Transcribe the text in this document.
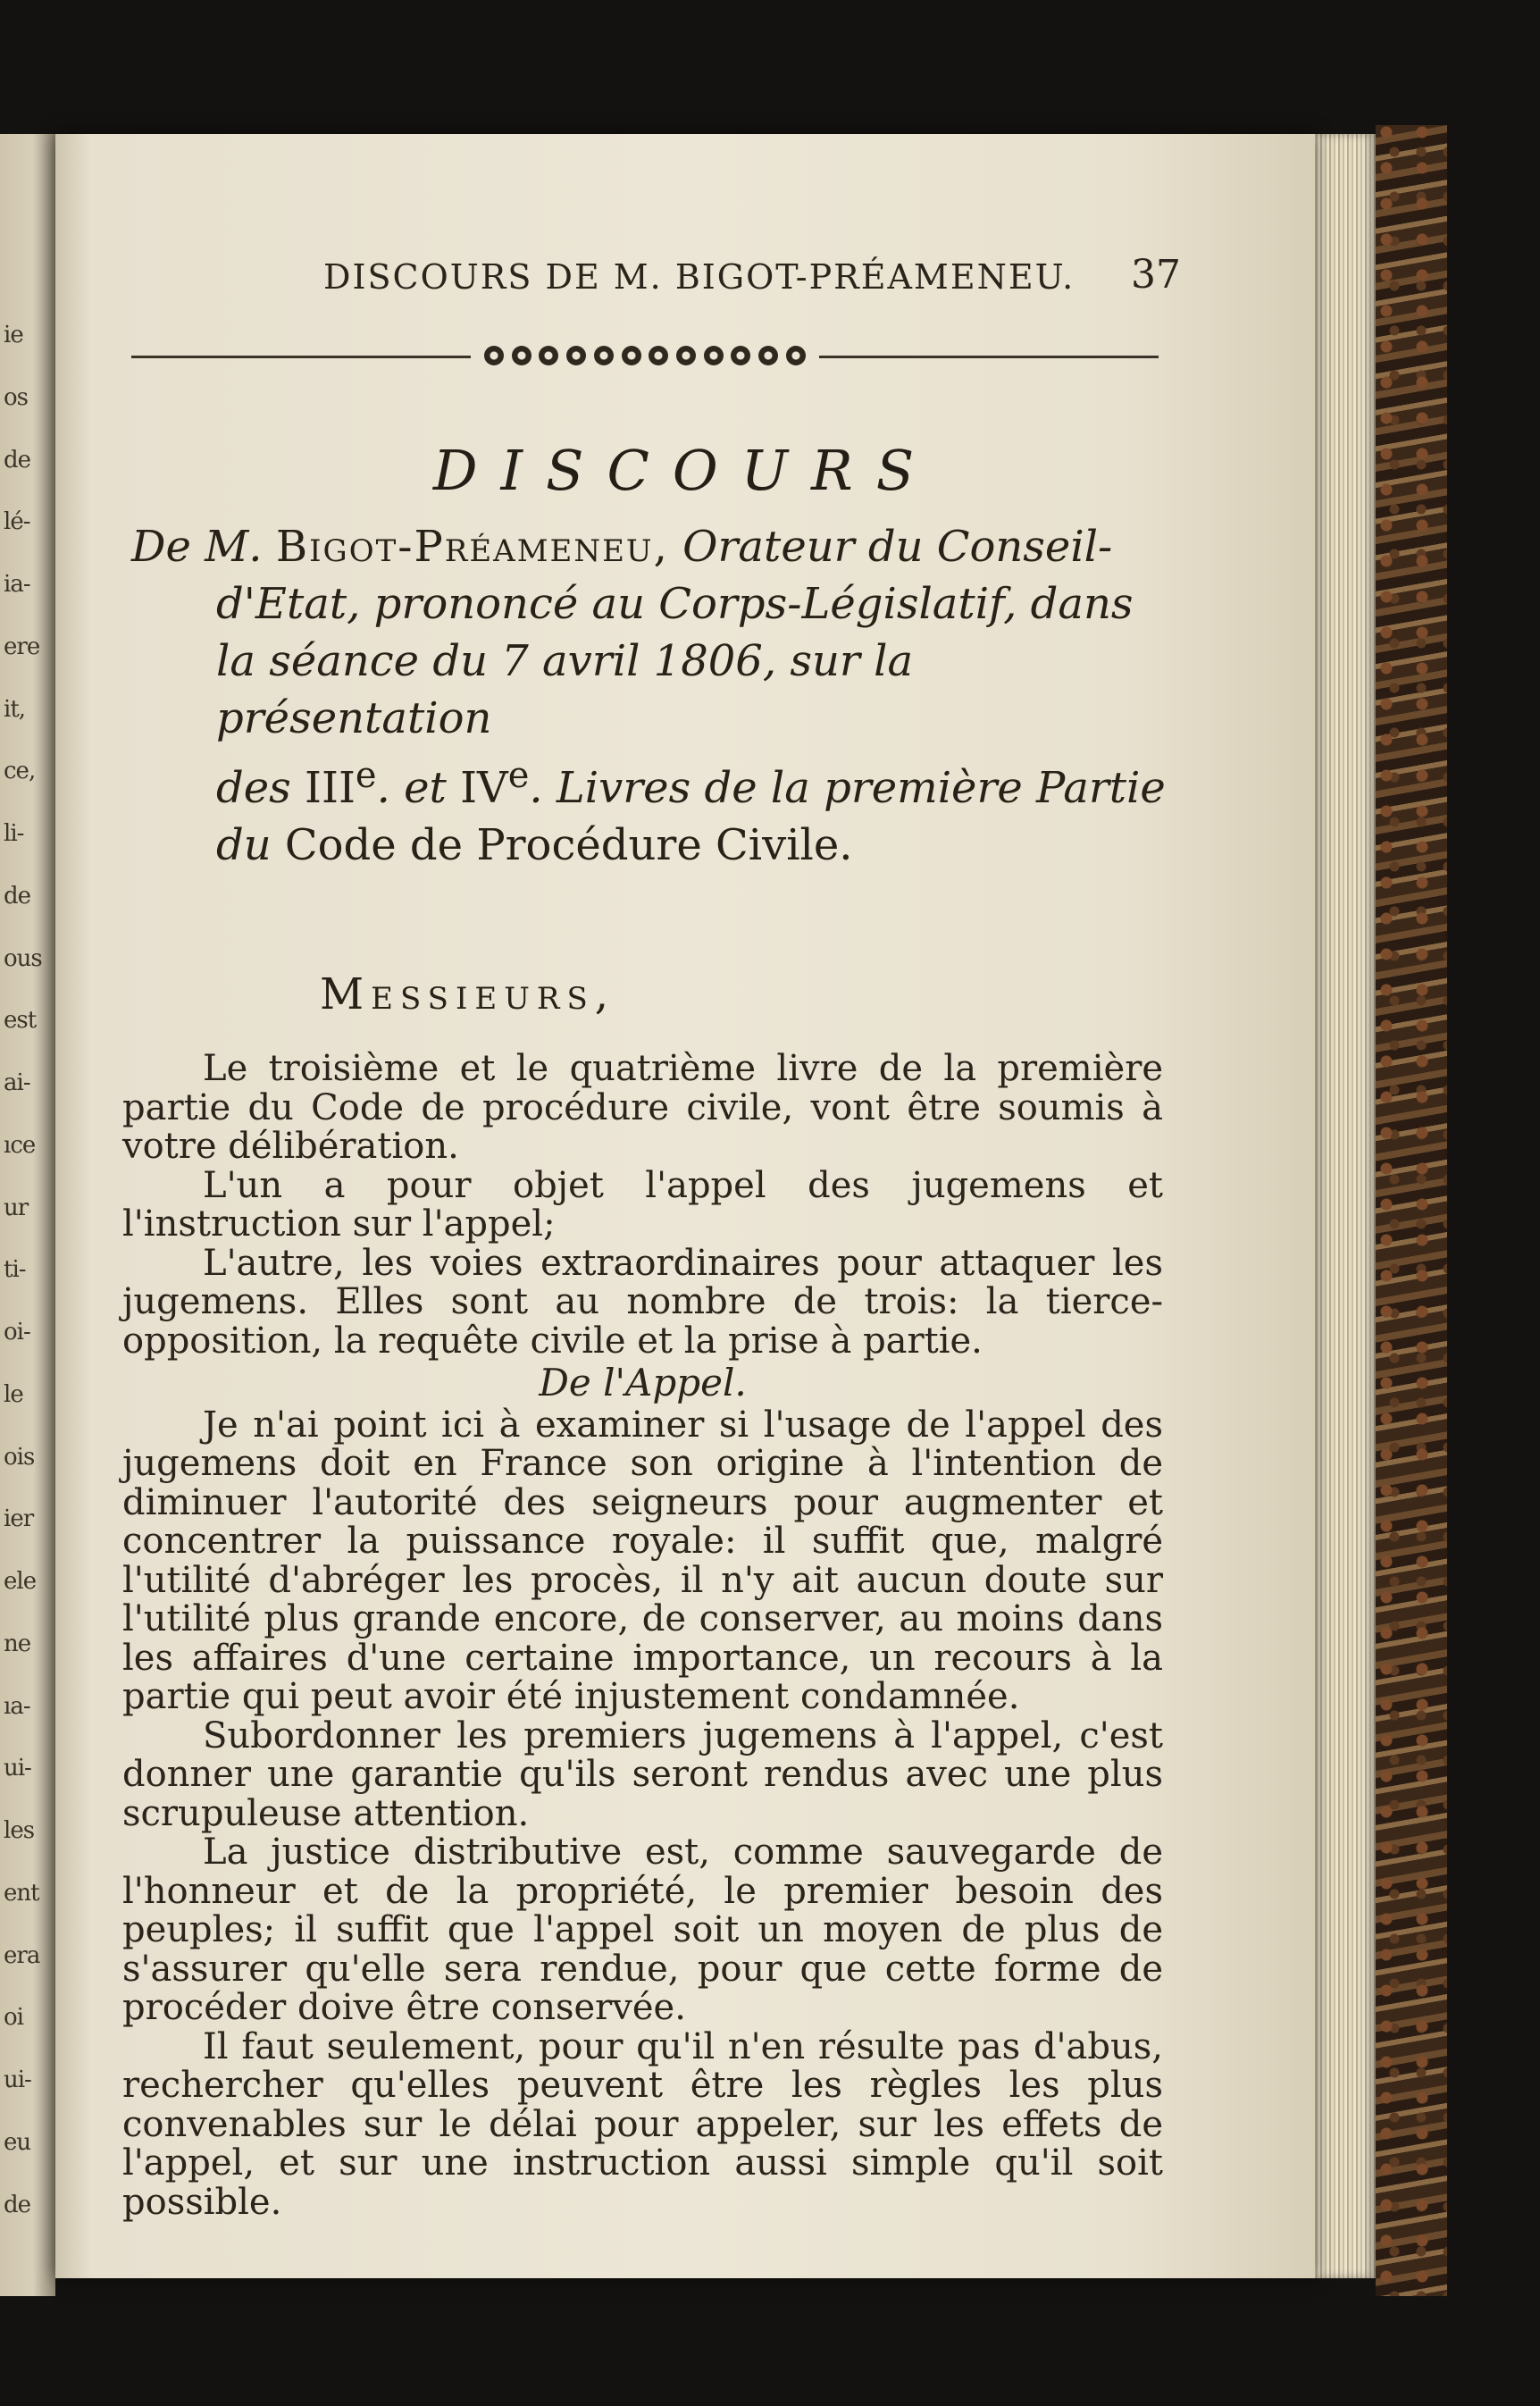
ie
os
de
lé-
ia-
ere
it,
ce,
li-
de
ous
est
ai-
ıce
ur
ti-
oi-
le
ois
ier
ele
ne
ıa-
ui-
les
ent
era
oi
ui-
eu
de
DISCOURS DE M. BIGOT-PRÉAMENEU. 37
DISCOURS
De M. Bigot-Préameneu, Orateur du Conseil-
d'Etat, prononcé au Corps-Législatif, dans
la séance du 7 avril 1806, sur la présentation
des IIIe. et IVe. Livres de la première Partie
du Code de Procédure Civile.
Messieurs,

Le troisième et le quatrième livre de la première partie du Code de procédure civile, vont être soumis à votre délibération.

L'un a pour objet l'appel des jugemens et l'instruction sur l'appel;

L'autre, les voies extraordinaires pour attaquer les jugemens. Elles sont au nombre de trois: la tierce-opposition, la requête civile et la prise à partie.

De l'Appel.

Je n'ai point ici à examiner si l'usage de l'appel des jugemens doit en France son origine à l'intention de diminuer l'autorité des seigneurs pour augmenter et concentrer la puissance royale: il suffit que, malgré l'utilité d'abréger les procès, il n'y ait aucun doute sur l'utilité plus grande encore, de conserver, au moins dans les affaires d'une certaine importance, un recours à la partie qui peut avoir été injustement condamnée.

Subordonner les premiers jugemens à l'appel, c'est donner une garantie qu'ils seront rendus avec une plus scrupuleuse attention.

La justice distributive est, comme sauvegarde de l'honneur et de la propriété, le premier besoin des peuples; il suffit que l'appel soit un moyen de plus de s'assurer qu'elle sera rendue, pour que cette forme de procéder doive être conservée.

Il faut seulement, pour qu'il n'en résulte pas d'abus, rechercher qu'elles peuvent être les règles les plus convenables sur le délai pour appeler, sur les effets de l'appel, et sur une instruction aussi simple qu'il soit possible.
